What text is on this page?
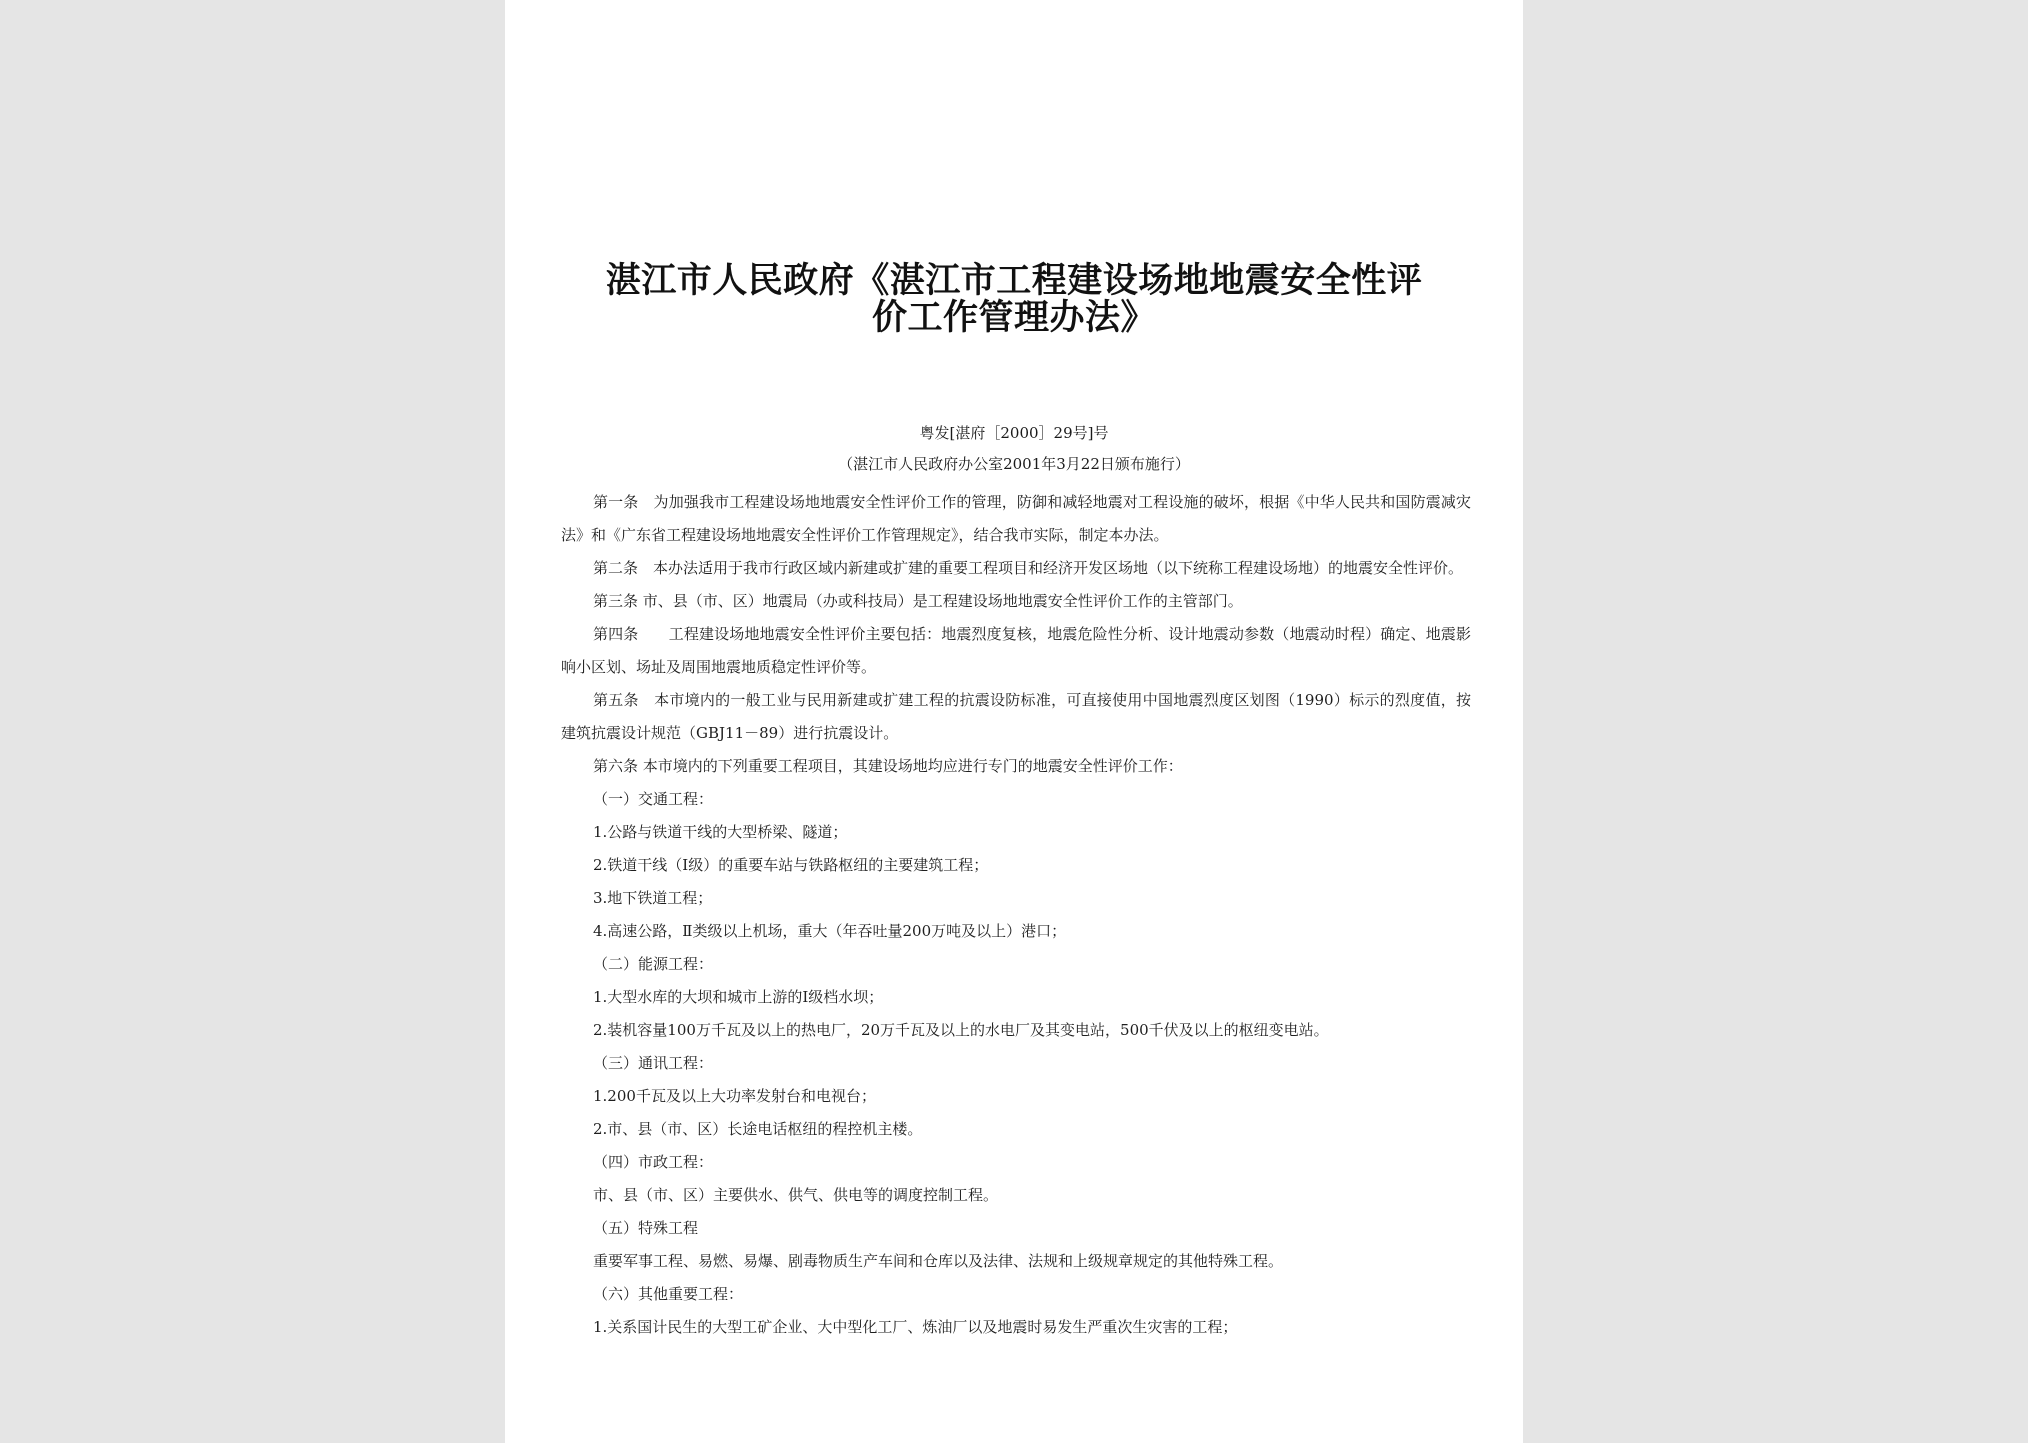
湛江市人民政府《湛江市工程建设场地地震安全性评
价工作管理办法》
粤发[湛府［2000］29号]号
（湛江市人民政府办公室2001年3月22日颁布施行）

第一条　为加强我市工程建设场地地震安全性评价工作的管理，防御和减轻地震对工程设施的破坏，根据《中华人民共和国防震减灾法》和《广东省工程建设场地地震安全性评价工作管理规定》，结合我市实际，制定本办法。

第二条　本办法适用于我市行政区域内新建或扩建的重要工程项目和经济开发区场地（以下统称工程建设场地）的地震安全性评价。

第三条 市、县（市、区）地震局（办或科技局）是工程建设场地地震安全性评价工作的主管部门。

第四条　　工程建设场地地震安全性评价主要包括：地震烈度复核，地震危险性分析、设计地震动参数（地震动时程）确定、地震影响小区划、场址及周围地震地质稳定性评价等。

第五条　本市境内的一般工业与民用新建或扩建工程的抗震设防标准，可直接使用中国地震烈度区划图（1990）标示的烈度值，按建筑抗震设计规范（GBJ11－89）进行抗震设计。

第六条 本市境内的下列重要工程项目，其建设场地均应进行专门的地震安全性评价工作：

（一）交通工程：

1.公路与铁道干线的大型桥梁、隧道；

2.铁道干线（Ⅰ级）的重要车站与铁路枢纽的主要建筑工程；

3.地下铁道工程；

4.高速公路，Ⅱ类级以上机场，重大（年吞吐量200万吨及以上）港口；

（二）能源工程：

1.大型水库的大坝和城市上游的Ⅰ级档水坝；

2.装机容量100万千瓦及以上的热电厂，20万千瓦及以上的水电厂及其变电站，500千伏及以上的枢纽变电站。

（三）通讯工程：

1.200千瓦及以上大功率发射台和电视台；

2.市、县（市、区）长途电话枢纽的程控机主楼。

（四）市政工程：

市、县（市、区）主要供水、供气、供电等的调度控制工程。

（五）特殊工程

重要军事工程、易燃、易爆、剧毒物质生产车间和仓库以及法律、法规和上级规章规定的其他特殊工程。

（六）其他重要工程：

1.关系国计民生的大型工矿企业、大中型化工厂、炼油厂以及地震时易发生严重次生灾害的工程；
